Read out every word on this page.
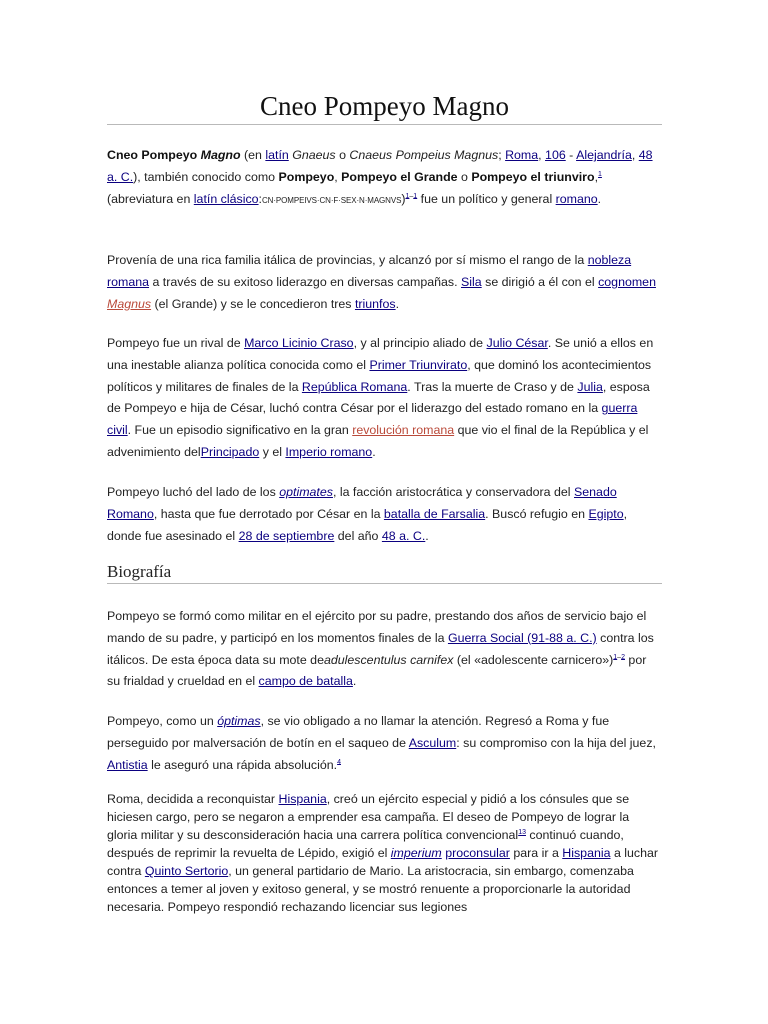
Cneo Pompeyo Magno

Cneo Pompeyo Magno (en latín Gnaeus o Cnaeus Pompeius Magnus; Roma, 106 - Alejandría, 48 a. C.), también conocido como Pompeyo, Pompeyo el Grande o Pompeyo el triunviro,$^1$ (abreviatura en latín clásico:CN·POMPEIVS·CN·F·SEX·N·MAGNVS)$^{1-1}$ fue un político y general romano.

Provenía de una rica familia itálica de provincias, y alcanzó por sí mismo el rango de la nobleza romana a través de su exitoso liderazgo en diversas campañas. Sila se dirigió a él con el cognomen Magnus (el Grande) y se le concedieron tres triunfos.

Pompeyo fue un rival de Marco Licinio Craso, y al principio aliado de Julio César. Se unió a ellos en una inestable alianza política conocida como el Primer Triunvirato, que dominó los acontecimientos políticos y militares de finales de la República Romana. Tras la muerte de Craso y de Julia, esposa de Pompeyo e hija de César, luchó contra César por el liderazgo del estado romano en la guerra civil. Fue un episodio significativo en la gran revolución romana que vio el final de la República y el advenimiento delPrincipado y el Imperio romano.

Pompeyo luchó del lado de los optimates, la facción aristocrática y conservadora del Senado Romano, hasta que fue derrotado por César en la batalla de Farsalia. Buscó refugio en Egipto, donde fue asesinado el 28 de septiembre del año 48 a. C..

Biografía

Pompeyo se formó como militar en el ejército por su padre, prestando dos años de servicio bajo el mando de su padre, y participó en los momentos finales de la Guerra Social (91-88 a. C.) contra los itálicos. De esta época data su mote deadulescentulus carnifex (el «adolescente carnicero»)$^{1-2}$ por su frialdad y crueldad en el campo de batalla.

Pompeyo, como un óptimas, se vio obligado a no llamar la atención. Regresó a Roma y fue perseguido por malversación de botín en el saqueo de Asculum: su compromiso con la hija del juez, Antistia le aseguró una rápida absolución.$^4$

Roma, decidida a reconquistar Hispania, creó un ejército especial y pidió a los cónsules que se hiciesen cargo, pero se negaron a emprender esa campaña. El deseo de Pompeyo de lograr la gloria militar y su desconsideración hacia una carrera política convencional$^{13}$ continuó cuando, después de reprimir la revuelta de Lépido, exigió el imperium proconsular para ir a Hispania a luchar contra Quinto Sertorio, un general partidario de Mario. La aristocracia, sin embargo, comenzaba entonces a temer al joven y exitoso general, y se mostró renuente a proporcionarle la autoridad necesaria. Pompeyo respondió rechazando licenciar sus legiones
